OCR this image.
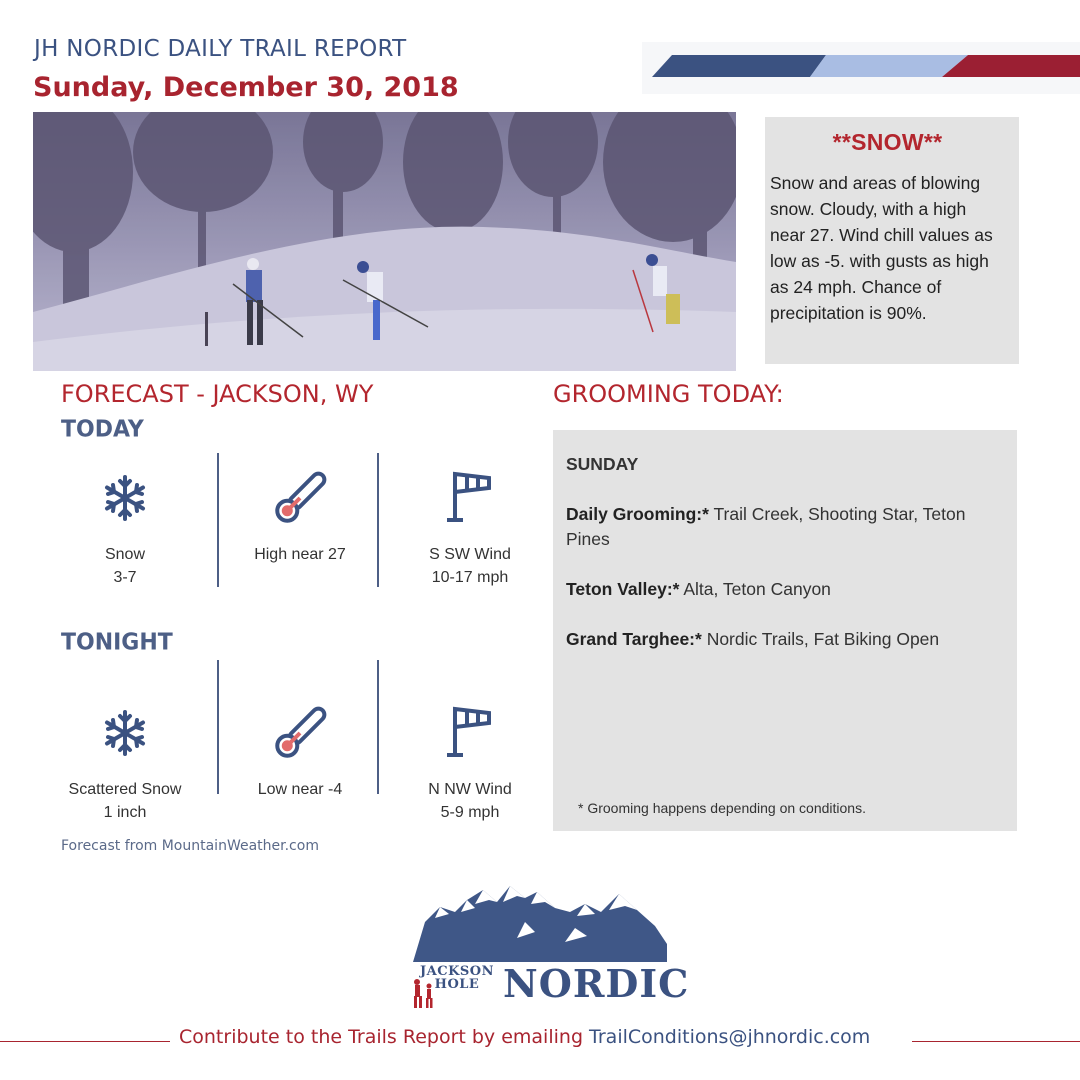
JH NORDIC DAILY TRAIL REPORT
Sunday, December 30, 2018
**SNOW**
Snow and areas of blowing snow. Cloudy, with a high near 27. Wind chill values as low as -5. with gusts as high as 24 mph. Chance of precipitation is 90%.
FORECAST - JACKSON, WY
TODAY
Snow
3-7
High near 27	S SW Wind
10-17 mph
TONIGHT
Scattered Snow
1 inch
Low near -4	N NW Wind
5-9 mph
Forecast from MountainWeather.com
GROOMING TODAY:
SUNDAY
Daily Grooming:* Trail Creek, Shooting Star, Teton Pines
Teton Valley:* Alta, Teton Canyon
Grand Targhee:* Nordic Trails, Fat Biking Open
* Grooming happens depending on conditions.
JACKSON
HOLE NORDIC
Contribute to the Trails Report by emailing TrailConditions@jhnordic.com
